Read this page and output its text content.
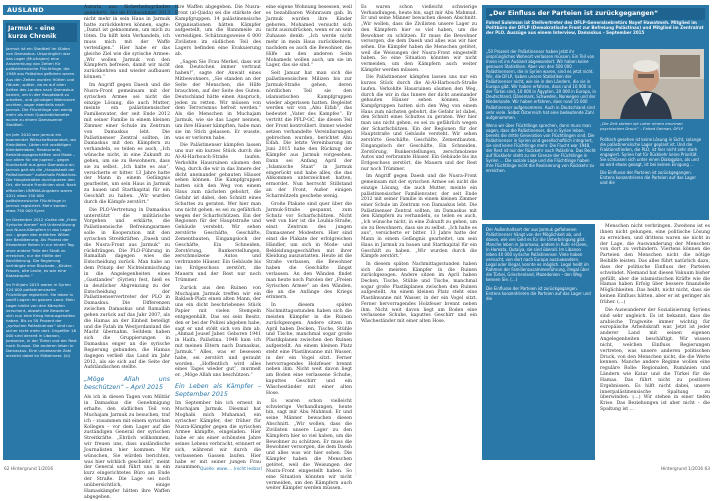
AUSLAND
Jarmuk – eine kurze Chronik

Jarmuk ist ein Stadtteil im Süden von Damaskus. Ursprünglich war das Lager (Muchajam) eine Ansammlung von Zelten für palästinensische Flüchtlinge, die 1948 aus Palästina geflohen waren. Aus den Zelten wurden Hütten und Häuser, später, da es auf allen Seiten des Landes nach Damaskus kamen, um in der Hauptstadt zu arbeiten, und günstigen Wohnraum suchten, sogar ebenfalls nach Jarmuk. Die Flüchtlinge von wenig mehr als einer Quadratkilometer wurde zu einem Damaszener Stadtteil.

Im Jahr 2010 war Jarmuk ein boomender Wirtschaftsstandort, wo Kleinläden, Läden mit unzähligen Kleinbetrieben, Restaurants, Bekleidungsgeschäften und Mode – vor allem für die Jugend – gegen Kundschaft aus ganz Damaskus an. Jarmuk galt als die „Hauptstadt der Palästinenser“ außerhalb Palästinas. Die Hauptstraßen durchqueren den Ort, die heute Frontlinien sind. Nach offiziellen UNRWA-Angaben waren 2011 etwa 150 000 palästinensische Flüchtlinge in Jarmuk registriert. Mehr kamen etwa 750 000 Syrer.

Im Dezember 2012 rückte die „Freie Syrische Armee“ mit Unterstützung von Nusra-Kämpfern in das Lager vor – gegen den erklärten Willen der Bevölkerung. Als Protest der Einwohner flohen in nur einem Tag, ohne andere Teile der Stadt zu erreichen, nur die Hälfte der Bevölkerung. Die Regierung verhängte eine Blockade, „Kinder, Frauen, alte Leute, es war eine Katastrophe.“

Im Frühjahr 2015 waren in Syrien 524 000 palästinensische Flüchtlinge registriert. Sie leben in zwölf Lagern im ganzen Land. Mein Lager bleibt von den Kämpfen verschont, obwohl die Bewohner sich nun eine Krieg herausgehalten haben. Bis zu 50 Prozent der „syrischen Palästinenser“ sind nun sicher nicht mehr dort. Ungefähr 16 000 sind derzeit in Libanon, Jordanien, in der Türkei und der Rest nach Europa. Die anderen leben in Damaskus. Eine unbekannte Zahl erreicht dabei im Mittelmeer. (kl)

Autorin aus Sicherheitsgründen geändert), der im Frühsommer 2013 nicht mehr in sein Haus in Jarmuk hatte zurückkehren können, sagte: „Damit ist geknommen, um mich zu töten. Da hilft kein Verhandeln, ich muss mich mit der Waffe verteidigen.“ Hier habe er das gleiche Ziel wie die syrische Armee: „Wir wollen Jarmuk von den Kämpfern befreien, damit wir nicht zurückkehren und wieder aufbauen können.“

Im Angriff gegen Daesh und die Nusra-Front gemeinsam mit der syrischen Armee sei nicht die einzige Lösung, die auch Mutter, meinte ein palästinensischer Familienvater, der seit Ende 2012 mit seiner Familie in einem kleinen Zimmer einer Schule im Zentrum von Damaskus lebt. Die Palästinenser Zentral sollten, im Damaskus mit den Kämpfern zu verhandeln, so teilen es auch, „Ich wünsche nicht, in eine Zukunft zu gehen, um sie zu Bewohnern, dass sie zu selbst. „Ich halte es aus“, versicherte er bitter. 13 Jahre hatte der Mann in einem Gefängnis gearbeitet, um sein Haus in Jarmuk zu bauen und Startkapital für ein Geschäft zu haben. „Wir wurden durch die Kämpfe zerstört.“

Die PLO-Vertretung in Damaskus unterstützt die militärische Vorgehen und erklärte, die Palästinensische Befreiungsarmee solle in Kooperation mit den syrischen Streitkräften „Daesh und die Nusra-Front aus Jarmuk“ zu rückdrängen. Die PLO-Führung in Ramallah dagegen wies die Entscheidung zurück. Man habe an dem Prinzip der Nichteinmischung in die Angelegenheiten eines „Gastlandes“ (Syrien) fest, hieß es in deutlicher Abgrenzung zu der Entscheidung der Palästinenservertreter der PLO in Damaskus. Die Differenzen zwischen Damaskus und Ramallah gehen zurück auf das Jahr 2007, als die Hamas an der Einheit beteiligt und die Fatah im Westjordanland die Macht übernahm. Seitdem haben sich die Gruppierungen in Damaskus enger an die syrische Regierung gebunden, die Hamas dagegen verließ das Land im Jahr 2012, als sie sich auf die Seite der Aufständischen stellte.

„Möge Allah uns beschützen“ – April 2015

Als ich in diesen Tagen vom Militär in Damaskus die Genehmigung erhalte, den südlichen Teil von Muchajam Jarmuk zu besuchen, traf ich – zusammen mit einem syrischen Kollegen – vor dem Lager auf die zuständigen General der syrischen Streitkräfte. „Ehrlich willkommen, wir freuen uns, dass ausländische Journalisten hier kommen. Wir wünschen, Sie würden berichten, was hier wirklich geschieht“, meint der General und führt uns in ein kurz eingerichtetes Büro am Ende der Straße. Die Lage sei noch unübersichtlich, einige Hamaskämpfer hätten ihre Waffen abgegeben.

ihre Waffen abgegeben. Die Nusra-Front (al-Qaida) sei die stärkste der Kampfgruppen. 14 palästinensische Organisationen hätten Kämpfer aufgestellt, um die Bannmeile zu verteidigen. Schätzungsweise 6 000 Zivilisten im südlichen Teil des Lagers befinden eine Evakuierung ab.

„Sagen Sie Frau Merkel, dass wir den Deutschen immer vertraut haben!“, sagte der Anwalt eines Mitbewohners, „Sie standen an der Seite der Menschen, die Hilfe brauchten, auf der Seite des Guten. Deutschland hätte einen Anspruch, jeden zu retten. Wir müssen von dem Terrorismus befreit werden.“ Als die Menschen in Muchajam Jarmuk, wie sie das Lager nennen, um ihre Häuser kämpften, habe man sie im Stich gelassen. Er wusste, was er verloren habe.

Die Palästinenser kämpfen lassen uns nur ein kurzes Stück durch die Al-Al-Harbouch-Straße laufen. Verkohlte Hausruinen säumen den Weg, durch die wir in das Innere der dicht aneinander gebauten Häuser sehen können. Die Kampfgruppen hatten sich den Weg von einem Haus zum nächsten gebohrt, die Gefahr ist dabei, den Schnitt eines Schuttes zu geraten. Wer hier man uns nicht gehen, es sei zu gefährlich wegen der Scharfschützen. Ein der Regionen für der Hauptstraße und Gebäude versteht. Wir sehen zerstörte Geschäfte, Geschäfte, Zementbauten, Eingangsloch der Geschäfte, Ein Schneiden, Zerstörung, Bunkerstellungen, zerschmolzene Autos und verbrannte Häuser. Ein Gebäude bis ins Erdgeschoss zerstört, die Mauern und der Rest nur noch Trümmer.

Zurück aus den Ruinen von Muchajam Jarmuk treffen wir ein Baklash-Platz einen alten Mann, der uns ein dicht beschriebenes Stück Papier mit vielen Stempeln entgegenhält. Das sei sein Besitz, den er bei der Polizei abgeben habe, sagt er und stößt sich von ihm ab, „Ahmad Jousef Jaber. Geboren 1941 in Haifa, Palästina. 1948 kam ich mit meinen Eltern nach Damaskus, Jarmuk.“ Alles, was er besessen habe, sei zerstört und geraubt worden. „Hoffentlich wird alles eines Tages wieder gut“, murmelt er. „Möge Allah uns beschützen.“

Ein Leben als Kämpfer – September 2015

Im September bin ich erneut in Muchajam Jarmuk. Diesmal hat Moghabi mich Muhamad, ein syrischer Kämpfer, der früher für Nusra-Kämpfer gegen die syrischen Armee kämpfte, eingeladen. Hier habe er als einer schönsten Jahre seines Lebens verbracht, erinnert er sich, während wir durch die verlassenen Gassen laufen. Hier habe er mit seiner jungen Frau zusammen

eine eigene Wohnung besessen, weil es bezahlbaren Wohnraum gab. In Jarmuk wurden ihre Kinder geboren. Mohamed versucht sich nicht auszudrücken, wenn er an sein Zuhause denkt: „Ich werde nicht mehr in mein Haus zurückkehren, nachdem es auch die Bewohner, die Hilfe an den anderen Seite Mohameds wollen auch, um sie im Lager, das sie sind.“

Seit Januar hat man sich die palästinensischen Milizen bis zur Jarmuk-Straße gehen, deren nördlichen Teil sie den islamistischen Kampfgruppen wieder abgerissen hatten. Begleitet werden wir von „Abu Eifah“, das bedeutet „Vater des Kampfes“. Er vertritt die PFLP-GC, die diesen Teil der Front kontrolliert. Immer wieder setzen verhandelte Vereinbarungen gebrochen wurden, berichtet Abu Eifah. Die letzte Vereinbarung im Juni 2015 habe den Rückzug der Kämpfer aus Jarmuk vorgesehen. Dann sei Anfang April der „Islamische Staat“ in Jarmuk eingerückt und habe alles, die das Abkommen unterzeichnet hatten, ermordet. Nun herrscht Stillstand an der Front, Außer einigen Scharmützeln geschehe wenig.

Große Plakate sind quer über die Jarmuk-Straße gespannt, zum Schutz vor Scharfschützen. Nicht weit von hier ist die Loubia-Straße, einst Zentrum des jungen Damaszener Modesters. Hier sind einst die Plakate der erfolgreichen Händler, um sich in Mode- und Bekleidungsgeschäften mit ihrer Kleidung auszustatten. Heute ist die Straße verlassen, die Bewohner haben die Geschäfte längst verlassen. An den Wänden findet man heute noch Parolen der „Freien Syrischen Armee“ an den Wänden, die an die Anfänge des Kriegs erinnern.

In diesem späten Nachmittagsstunden haben sich die meisten Kämpfer in die Ruinen zurückgezogen. Andere sitzen im April haben Decken, Tische, Stühle und Tische, manchmal sogar große Plastikplanen zwischen den Ruinen aufgestellt. An einem kleinen Platz steht eine Plastikwanne mit Wasser, in der ein Vogel sitzt. Ferner hervorragendes Holzfeuer brennt neben ihm. Nicht weit davon liegt am Boden eine verlassene Schuhe, kaputtes Geschirr und ein Wäscheständer mit einer alten Hose.

Es waren schon vielleicht schwierige Verhandlungen, heute bin, sagt mir Abu Mahmud. Er und seine Männer bewachen diesen Abschnitt. „Wir wollen, dass die Zivilisten unsere Lager zu den Kämpfern hier so viel haben, um die Bewohner zu schützen. Er muss die Bewohner versorgen, die dem Daesh und alles was wir hier sehen. Die Kämpfer haben die Menschen getötet, weil die Weisungen der Nusra-Front eingestellt haben. So eine Situation könnten wir nicht vermeiden, um den Kämpfern auch weiter Kämpfer werden müssen.

62 Hintergrund 1/2016	Quelle: www.... (nicht lesbar)

Es waren schon vielleicht schwierige Verhandlungen, heute bin, sagt mir Abu Mahmud. Er und seine Männer bewachen diesen Abschnitt. „Wir wollen, dass die Zivilisten unsere Lager zu den Kämpfern hier so viel haben, um die Bewohner zu schützen. Er muss die Bewohner versorgen, die dem Daesh und alles was wir hier sehen. Die Kämpfer haben die Menschen getötet, weil die Weisungen der Nusra-Front eingestellt haben. So eine Situation könnten wir nicht vermeiden, um den Kämpfern auch weiter Kämpfer werden müssen.

Die Palästinenser kämpfen lassen uns nur ein kurzes Stück durch die Al-Al-Harbouch-Straße laufen. Verkohlte Hausruinen säumen den Weg, durch die wir in das Innere der dicht aneinander gebauten Häuser sehen können. Die Kampfgruppen hatten sich den Weg von einem Haus zum nächsten gebohrt, die Gefahr ist dabei, den Schnitt eines Schuttes zu geraten. Wer hier man uns nicht gehen, es sei zu gefährlich wegen der Scharfschützen. Ein der Regionen für der Hauptstraße und Gebäude versteht. Wir sehen zerstörte Geschäfte, Geschäfte, Zementbauten, Eingangsloch der Geschäfte, Ein Schneiden, Zerstörung, Bunkerstellungen, zerschmolzene Autos und verbrannte Häuser. Ein Gebäude bis ins Erdgeschoss zerstört, die Mauern und der Rest nur noch Trümmer.

Im Angriff gegen Daesh und die Nusra-Front gemeinsam mit der syrischen Armee sei nicht die einzige Lösung, die auch Mutter, meinte ein palästinensischer Familienvater, der seit Ende 2012 mit seiner Familie in einem kleinen Zimmer einer Schule im Zentrum von Damaskus lebt. Die Palästinenser Zentral sollten, im Damaskus mit den Kämpfern zu verhandeln, so teilen es auch, „Ich wünsche nicht, in eine Zukunft zu gehen, um sie zu Bewohnern, dass sie zu selbst. „Ich halte es aus“, versicherte er bitter. 13 Jahre hatte der Mann in einem Gefängnis gearbeitet, um sein Haus in Jarmuk zu bauen und Startkapital für ein Geschäft zu haben. „Wir wurden durch die Kämpfe zerstört.“

In diesem späten Nachmittagsstunden haben sich die meisten Kämpfer in die Ruinen zurückgezogen. Andere sitzen im April haben Decken, Tische, Stühle und Tische, manchmal sogar große Plastikplanen zwischen den Ruinen aufgestellt. An einem kleinen Platz steht eine Plastikwanne mit Wasser, in der ein Vogel sitzt. Ferner hervorragendes Holzfeuer brennt neben ihm. Nicht weit davon liegt am Boden eine verlassene Schuhe, kaputtes Geschirr und ein Wäscheständer mit einer alten Hose.

„Der Einfluss der Parteien ist zurückgegangen“
Fahed Suleiman ist Stellvertreter des DFLP-Generalsekretärs Nayef Hawatmeh. Mitglied im Politbüro der DFLP (Demokratische Front zur Befreiung Palästinas) und Mitglied im Zentralrat der PLO. Auszüge aus einem Interview, Damaskus – September 2015

„50 Prozent der Palästinenser haben jetzt ihr ursprüngliches Wohnort verlassen müssen. Ein Teil von ihnen ist ins Ausland abgewandert. Wir haben keine genauen Statistiken. Aber von den 500 000 Palästinensern, die in Syrien waren, sind es jetzt nicht. Wir, die DFLP, haben unsere Statistiken der Palästinenser nicht, wie sie in den Ländern, die sie in Europa gibt. Wir haben erfahren, dass rund 10 000 in der Türkei sind, 10 000 in Ägypten, 20 000 in Europa, in Deutschland, Dänemark, Schweden, Norwegen und der Niederlande. Wir haben erfahren, dass rund 15 000 Palästinenser aufgenommen. Auch in Deutschland sind sehr viele. Selbst Österreich hat eine bedeutende Zahl aufgenommen.

Wenn wir über Flüchtlinge sprechen, dann muss man sagen, dass die Palästinenser, die in Syrien leben, bereits die dritte Generation von Flüchtlingen sind. Die Palästinenser in Syrien sind gesellschaftlich integriert, sie sind keine Flüchtlinge mehr. Die Flucht war 1948, der Rest ist nur der Rückkehr nach Palästina. Das Recht auf Rückkehr steht zu der Grenze der Flüchtlinge in Syrien … Die soziale Lage und die Flüchtlinge haben ihre Flüchtlinge nicht die Realisierung von Rückkehr zu erreichen.

„Die Zeit stehen wir unter einem enormen psychischen Druck“ – Fahed Seiman, DFLP

Politisch gesehen ist keine Lösung in Sicht, solange die palästinensische Lager geplant ist. Und die Fraktionsfrieden, die PLO, ist hier nicht sehr stark engagiert. Syrien hat für Rückkehr keine Priorität. Sie schlüssen sich unter einen Dialogplan, als und so wird etwas gesagt, ist bei keinen Einigung …

Die Einflusse der Parteien ist zurückgegangen. Erstens konzentrieren die Parteien auf das Lager und die

Der Außenhaltsort der aus Jarmuk geflohenen Palästinenser hängt von der Möglichkeit ab, und davon, wie viel Geld es für die Unterbringung gibt. Manche leben in Jaramana, andere in Ruhr el-Deen, in Hamata, Qutaiya, sie sind überall. Im Libanon leben 40 000 syrische Palästinenser. Viele haben versucht, von dort nach Europa auszuwandern. Legal oder illegal, konnte es möglich. Legal heißt im Rahmen der Familienzusammenführung, illegal über die Türkei, Griechenland, Mazedonien – den Weg kennen Sie. (…)

Die Einflusse der Parteien ist zurückgegangen. Erstens konzentrieren die Parteien auf das Lager und die

Menschen nicht verbringen. Zweitens ist es ihnen nicht gelungen, eine politische Lösung zu erreichen, und drittens waren sie nicht in der Lage, die Auswanderung der Menschen von dort zu verhindern. Viertens können die Parteien den Menschen nicht die nötige Beihilfe leisten. Das alles führt natürlich dazu, dass der politische Einfluss der Parteien schwindet. Niemand hat diesen Vakuum bisher gefüllt, aber die islamistischen Kräfte wie die Hamas haben Erfolg über bessere finanzielle Möglichkeiten. Das heißt, nicht nicht, dass sie keinen Einfluss hätten, aber er ist geringer als früher. (…)

Die Auswanderer der Sozialisierung Syriens sind sehr ungleich. Es ist bekannt, dass die arabische Tragweite immer wichtig für europäische Arbeitskraft war. Jetzt ist jeder anderer Land mit seinen eigenen Angelegenheiten beschäftigt. Wir wissen nicht, welchen Einfluss Regierungen vertreten, was unsere anderen politischen Druck, von den Menschen nicht, die die Werte kennen. Manche andere Regime wollen eine reguläre Rolle: Regionalen, Rumänien und Ländern wie Katar und die Türkei für die Hamas. Das führt nicht zu positiven Ergebnissen. Es hilft nicht dabei, unsere innerpalästinensische Spaltung zu überwinden. (…) Wir stehen in einer tiefen Krise. Das Beziehungen ist aber nicht – die Spaltung ist …

Hintergrund 1/2016 63
